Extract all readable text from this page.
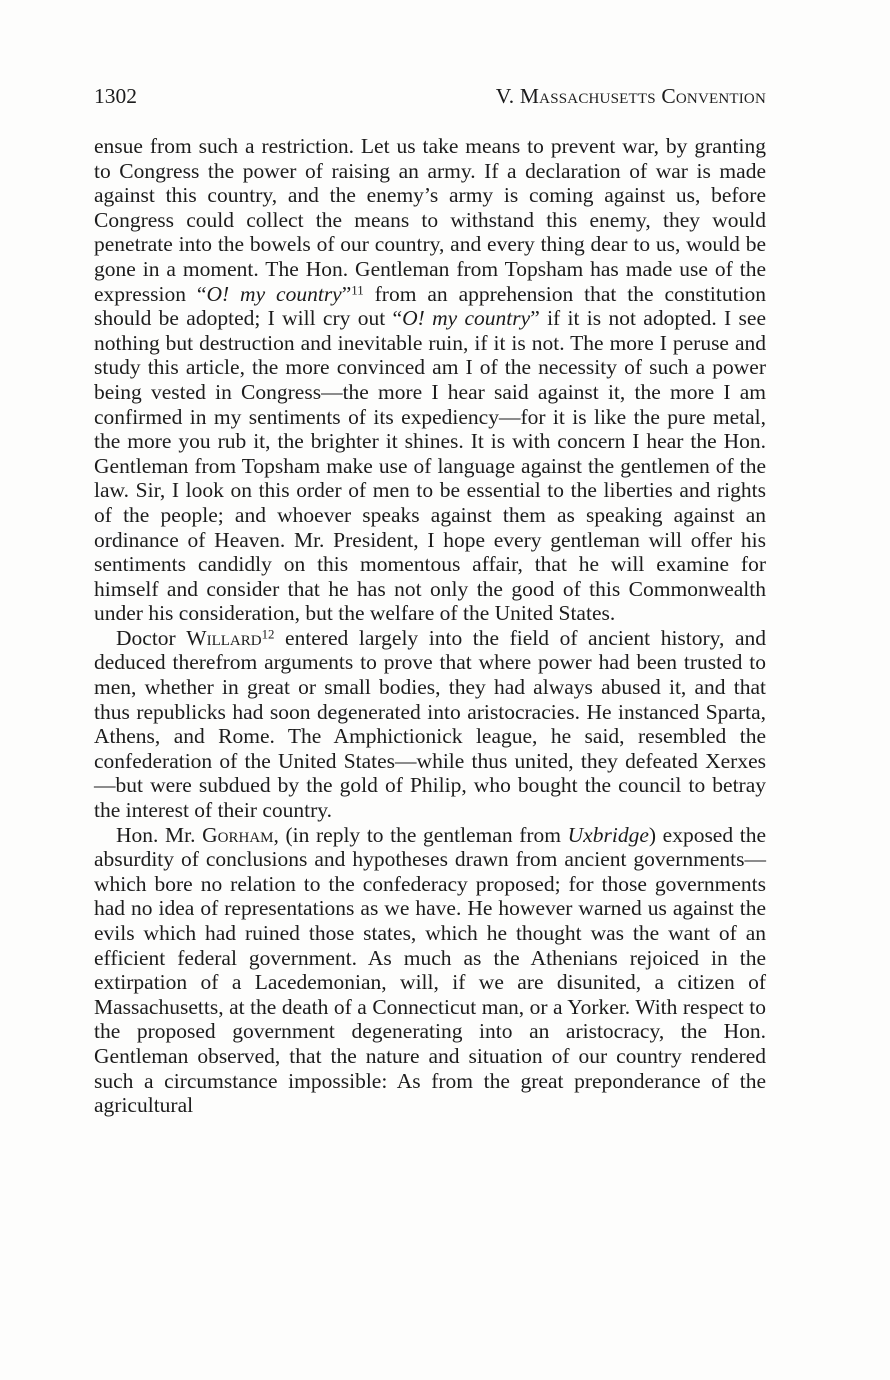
1302	V. Massachusetts Convention

ensue from such a restriction. Let us take means to prevent war, by granting to Congress the power of raising an army. If a declaration of war is made against this country, and the enemy’s army is coming against us, before Congress could collect the means to withstand this enemy, they would penetrate into the bowels of our country, and every thing dear to us, would be gone in a moment. The Hon. Gentleman from Topsham has made use of the expression “O! my country”$^{11}$ from an apprehension that the constitution should be adopted; I will cry out “O! my country” if it is not adopted. I see nothing but destruction and inevitable ruin, if it is not. The more I peruse and study this article, the more convinced am I of the necessity of such a power being vested in Congress—the more I hear said against it, the more I am confirmed in my sentiments of its expediency—for it is like the pure metal, the more you rub it, the brighter it shines. It is with concern I hear the Hon. Gentleman from Topsham make use of language against the gentlemen of the law. Sir, I look on this order of men to be essential to the liberties and rights of the people; and whoever speaks against them as speaking against an ordinance of Heaven. Mr. President, I hope every gentleman will offer his sentiments candidly on this momentous affair, that he will examine for himself and consider that he has not only the good of this Commonwealth under his consideration, but the welfare of the United States.

Doctor Willard$^{12}$ entered largely into the field of ancient history, and deduced therefrom arguments to prove that where power had been trusted to men, whether in great or small bodies, they had always abused it, and that thus republicks had soon degenerated into aristocracies. He instanced Sparta, Athens, and Rome. The Amphictionick league, he said, resembled the confederation of the United States—while thus united, they defeated Xerxes—but were subdued by the gold of Philip, who bought the council to betray the interest of their country.

Hon. Mr. Gorham, (in reply to the gentleman from Uxbridge) exposed the absurdity of conclusions and hypotheses drawn from ancient governments—which bore no relation to the confederacy proposed; for those governments had no idea of representations as we have. He however warned us against the evils which had ruined those states, which he thought was the want of an efficient federal government. As much as the Athenians rejoiced in the extirpation of a Lacedemonian, will, if we are disunited, a citizen of Massachusetts, at the death of a Connecticut man, or a Yorker. With respect to the proposed government degenerating into an aristocracy, the Hon. Gentleman observed, that the nature and situation of our country rendered such a circumstance impossible: As from the great preponderance of the agricultural
